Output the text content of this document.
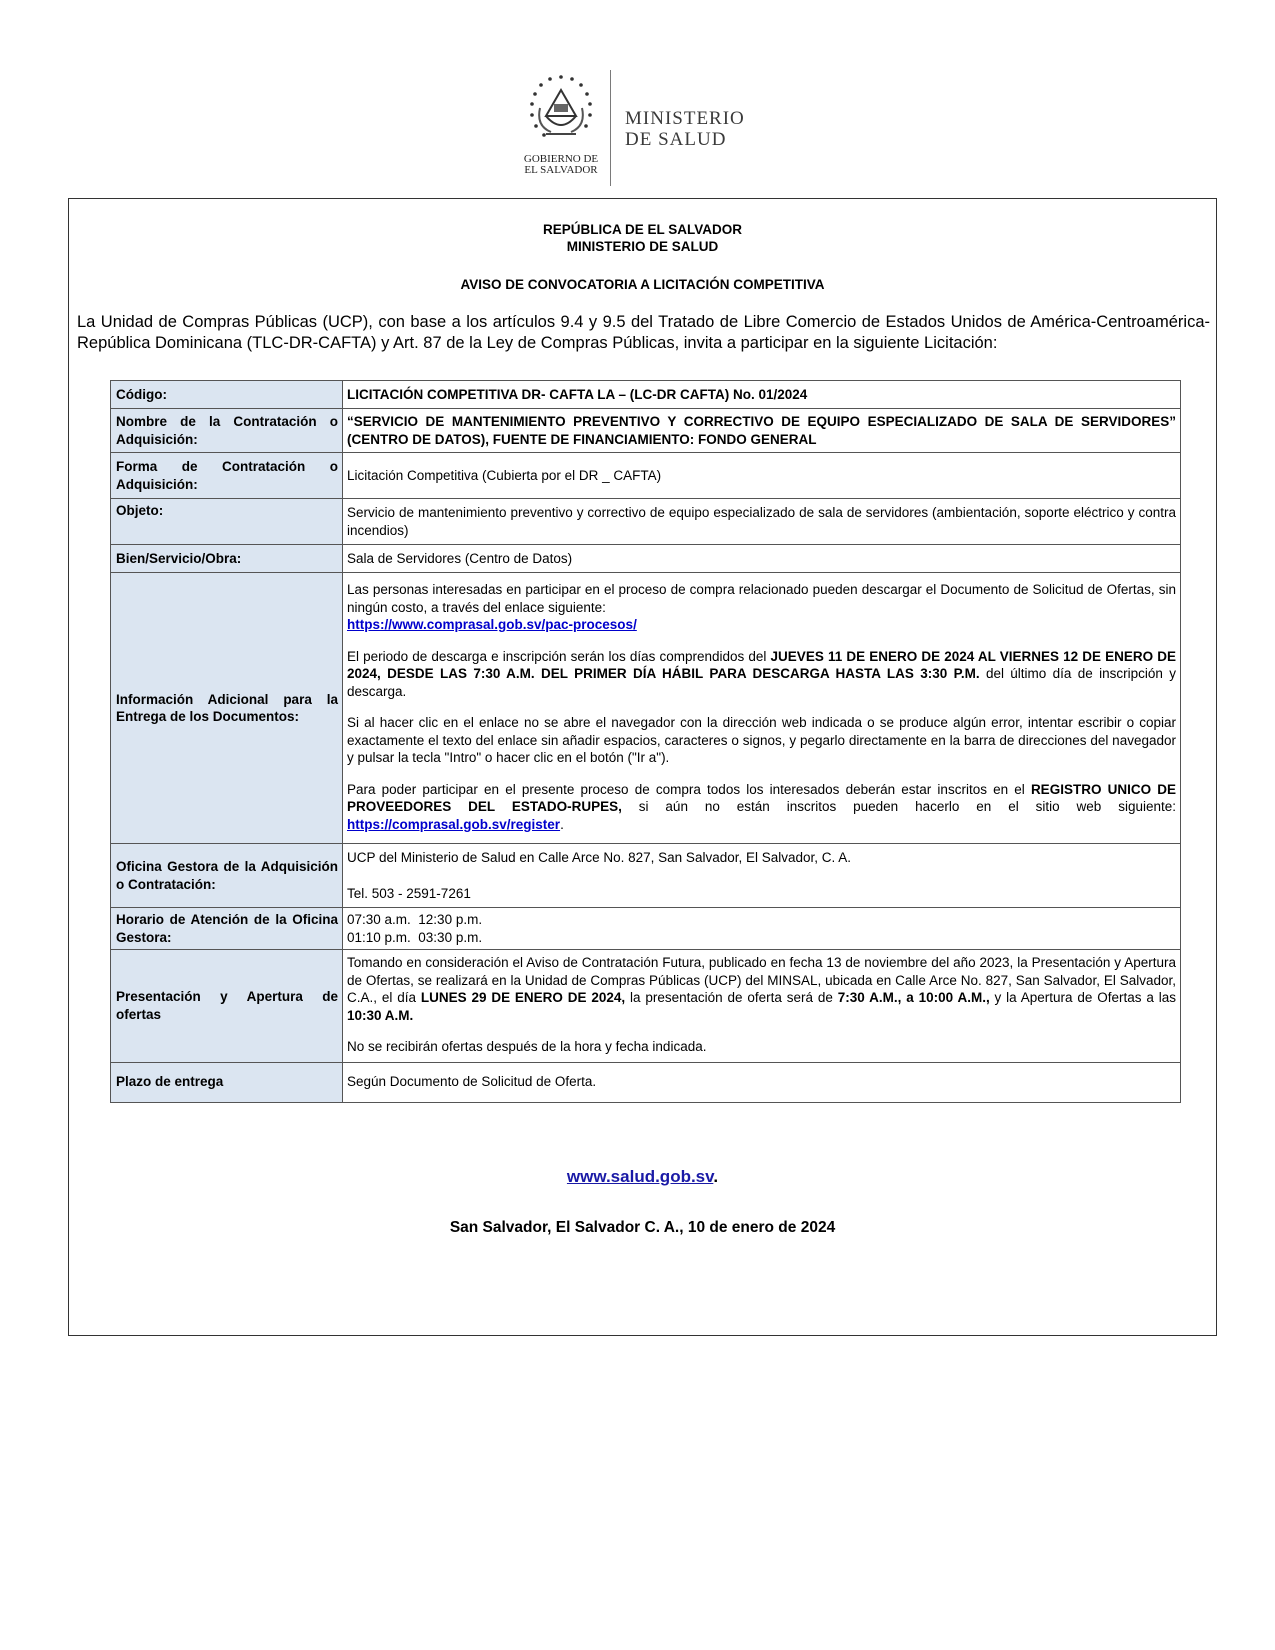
GOBIERNO DE
EL SALVADOR
MINISTERIO
DE SALUD
REPÚBLICA DE EL SALVADOR
MINISTERIO DE SALUD
AVISO DE CONVOCATORIA A LICITACIÓN COMPETITIVA
La Unidad de Compras Públicas (UCP), con base a los artículos 9.4 y 9.5 del Tratado de Libre Comercio de Estados Unidos de América-Centroamérica-República Dominicana (TLC-DR-CAFTA) y Art. 87 de la Ley de Compras Públicas, invita a participar en la siguiente Licitación:
Código:	LICITACIÓN COMPETITIVA DR- CAFTA LA – (LC-DR CAFTA) No. 01/2024
Nombre de la Contratación o Adquisición:	“SERVICIO DE MANTENIMIENTO PREVENTIVO Y CORRECTIVO DE EQUIPO ESPECIALIZADO DE SALA DE SERVIDORES” (CENTRO DE DATOS), FUENTE DE FINANCIAMIENTO: FONDO GENERAL
Forma de Contratación o Adquisición:	Licitación Competitiva (Cubierta por el DR _ CAFTA)
Objeto:	Servicio de mantenimiento preventivo y correctivo de equipo especializado de sala de servidores (ambientación, soporte eléctrico y contra incendios)
Bien/Servicio/Obra:	Sala de Servidores (Centro de Datos)
Información Adicional para la Entrega de los Documentos:	Las personas interesadas en participar en el proceso de compra relacionado pueden descargar el Documento de Solicitud de Ofertas, sin ningún costo, a través del enlace siguiente:
https://www.comprasal.gob.sv/pac-procesos/
El periodo de descarga e inscripción serán los días comprendidos del JUEVES 11 DE ENERO DE 2024 AL VIERNES 12 DE ENERO DE 2024, DESDE LAS 7:30 A.M. DEL PRIMER DÍA HÁBIL PARA DESCARGA HASTA LAS 3:30 P.M. del último día de inscripción y descarga.
Si al hacer clic en el enlace no se abre el navegador con la dirección web indicada o se produce algún error, intentar escribir o copiar exactamente el texto del enlace sin añadir espacios, caracteres o signos, y pegarlo directamente en la barra de direcciones del navegador y pulsar la tecla "Intro" o hacer clic en el botón ("Ir a").
Para poder participar en el presente proceso de compra todos los interesados deberán estar inscritos en el REGISTRO UNICO DE PROVEEDORES DEL ESTADO-RUPES, si aún no están inscritos pueden hacerlo en el sitio web siguiente: https://comprasal.gob.sv/register.

Oficina Gestora de la Adquisición o Contratación:	UCP del Ministerio de Salud en Calle Arce No. 827, San Salvador, El Salvador, C. A.
Tel. 503 - 2591-7261

Horario de Atención de la Oficina Gestora:	07:30 a.m.  12:30 p.m.
01:10 p.m.  03:30 p.m.

Presentación y Apertura de ofertas	Tomando en consideración el Aviso de Contratación Futura, publicado en fecha 13 de noviembre del año 2023, la Presentación y Apertura de Ofertas, se realizará en la Unidad de Compras Públicas (UCP) del MINSAL, ubicada en Calle Arce No. 827, San Salvador, El Salvador, C.A., el día LUNES 29 DE ENERO DE 2024, la presentación de oferta será de 7:30 A.M., a 10:00 A.M., y la Apertura de Ofertas a las 10:30 A.M.
No se recibirán ofertas después de la hora y fecha indicada.

Plazo de entrega	Según Documento de Solicitud de Oferta.
www.salud.gob.sv.
San Salvador, El Salvador C. A., 10 de enero de 2024
